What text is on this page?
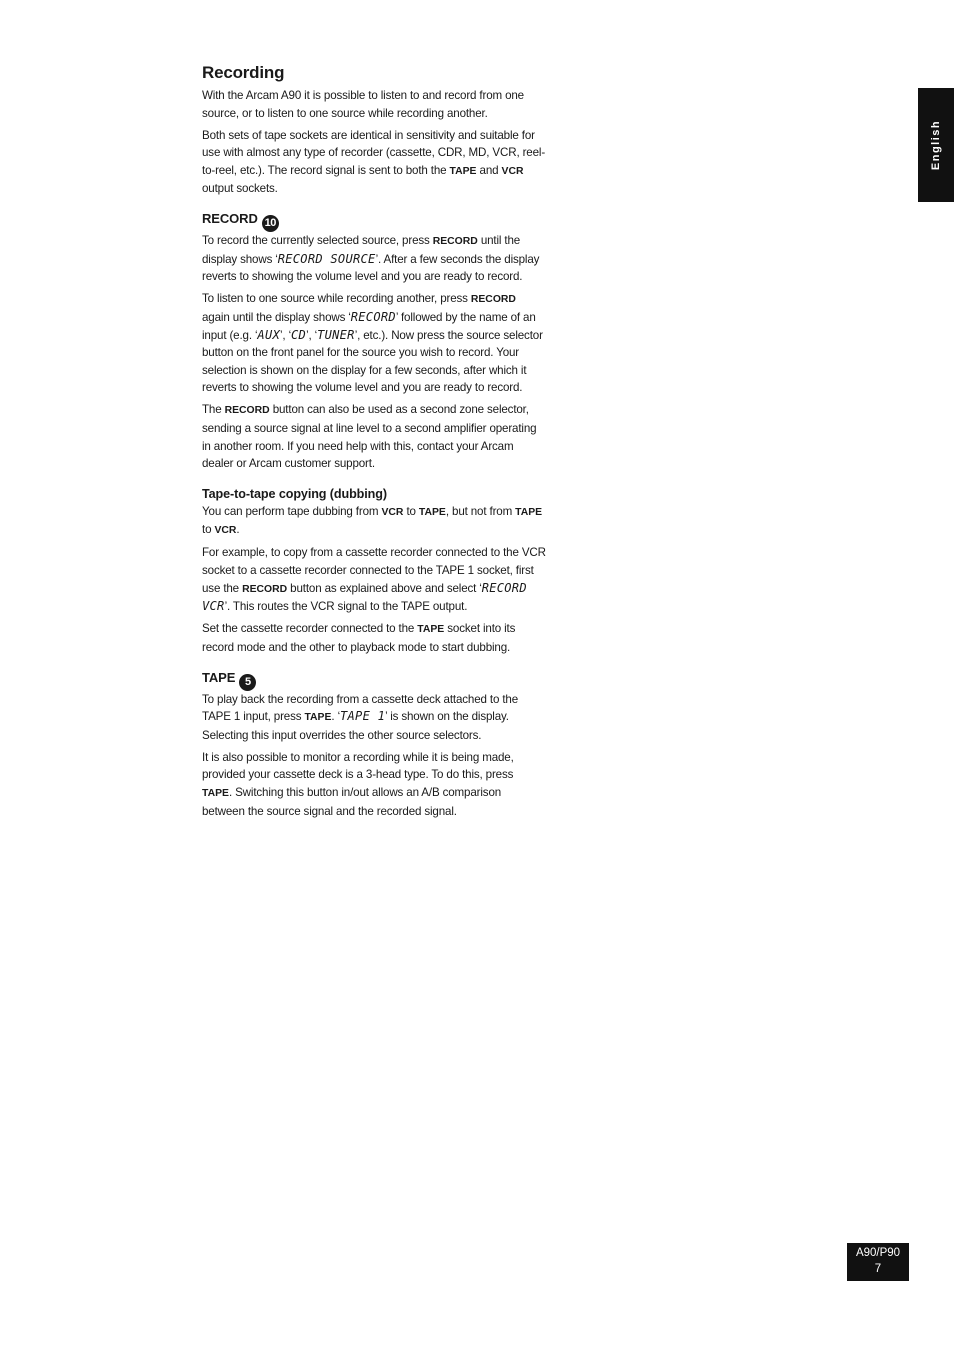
English
Recording

With the Arcam A90 it is possible to listen to and record from one source, or to listen to one source while recording another.

Both sets of tape sockets are identical in sensitivity and suitable for use with almost any type of recorder (cassette, CDR, MD, VCR, reel-to-reel, etc.). The record signal is sent to both the TAPE and VCR output sockets.

RECORD 10

To record the currently selected source, press RECORD until the display shows ‘RECORD SOURCE’. After a few seconds the display reverts to showing the volume level and you are ready to record.

To listen to one source while recording another, press RECORD again until the display shows ‘RECORD’ followed by the name of an input (e.g. ‘AUX’, ‘CD’, ‘TUNER’, etc.). Now press the source selector button on the front panel for the source you wish to record. Your selection is shown on the display for a few seconds, after which it reverts to showing the volume level and you are ready to record.

The RECORD button can also be used as a second zone selector, sending a source signal at line level to a second amplifier operating in another room. If you need help with this, contact your Arcam dealer or Arcam customer support.

Tape-to-tape copying (dubbing)

You can perform tape dubbing from VCR to TAPE, but not from TAPE to VCR.

For example, to copy from a cassette recorder connected to the VCR socket to a cassette recorder connected to the TAPE 1 socket, first use the RECORD button as explained above and select ‘RECORD VCR’. This routes the VCR signal to the TAPE output.

Set the cassette recorder connected to the TAPE socket into its record mode and the other to playback mode to start dubbing.

TAPE 5

To play back the recording from a cassette deck attached to the TAPE 1 input, press TAPE. ‘TAPE 1’ is shown on the display. Selecting this input overrides the other source selectors.

It is also possible to monitor a recording while it is being made, provided your cassette deck is a 3-head type. To do this, press TAPE. Switching this button in/out allows an A/B comparison between the source signal and the recorded signal.

A90/P90
7
